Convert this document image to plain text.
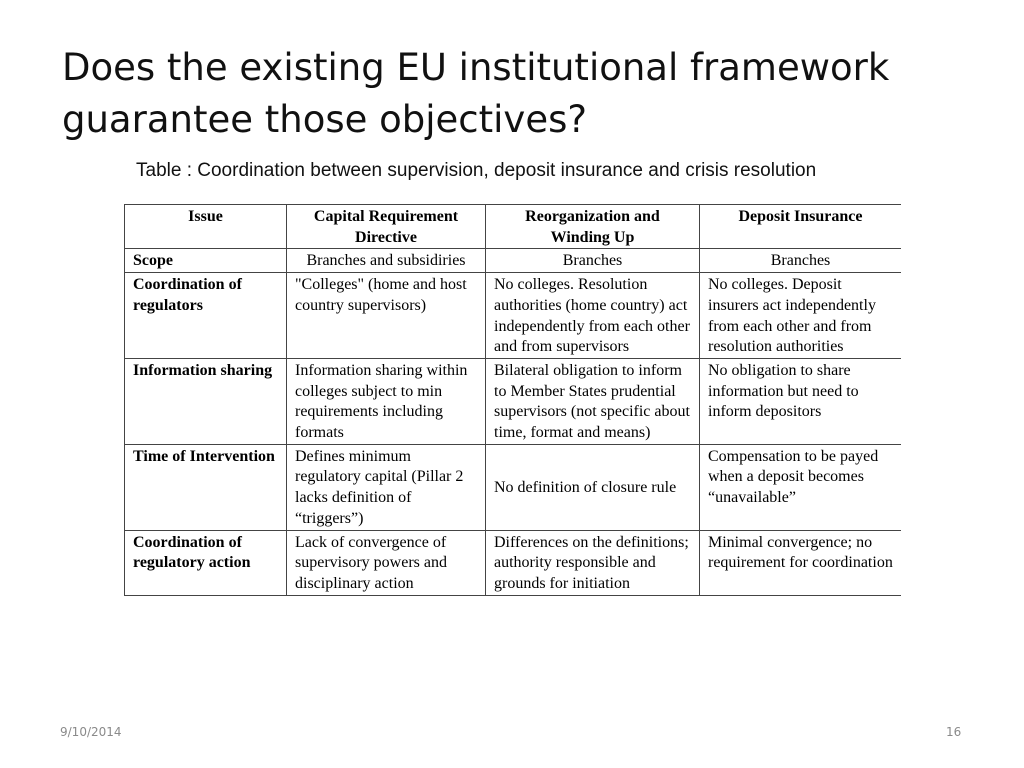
Does the existing EU institutional framework guarantee those objectives?
Table : Coordination between supervision, deposit insurance and crisis resolution
Issue	Capital Requirement Directive	Reorganization and Winding Up	Deposit Insurance
Scope	Branches and subsidiries	Branches	Branches
Coordination of regulators	"Colleges" (home and host country supervisors)	No colleges. Resolution authorities (home country) act independently from each other and from supervisors	No colleges. Deposit insurers act independently from each other and from resolution authorities
Information sharing	Information sharing within colleges subject to min requirements including formats	Bilateral obligation to inform to Member States prudential supervisors (not specific about time, format and means)	No obligation to share information but need to inform depositors
Time of Intervention	Defines minimum regulatory capital (Pillar 2 lacks definition of “triggers”)	No definition of closure rule	Compensation to be payed when a deposit becomes “unavailable”
Coordination of regulatory action	Lack of convergence of supervisory powers and disciplinary action	Differences on the definitions; authority responsible and grounds for initiation	Minimal convergence; no requirement for coordination
9/10/2014	16
